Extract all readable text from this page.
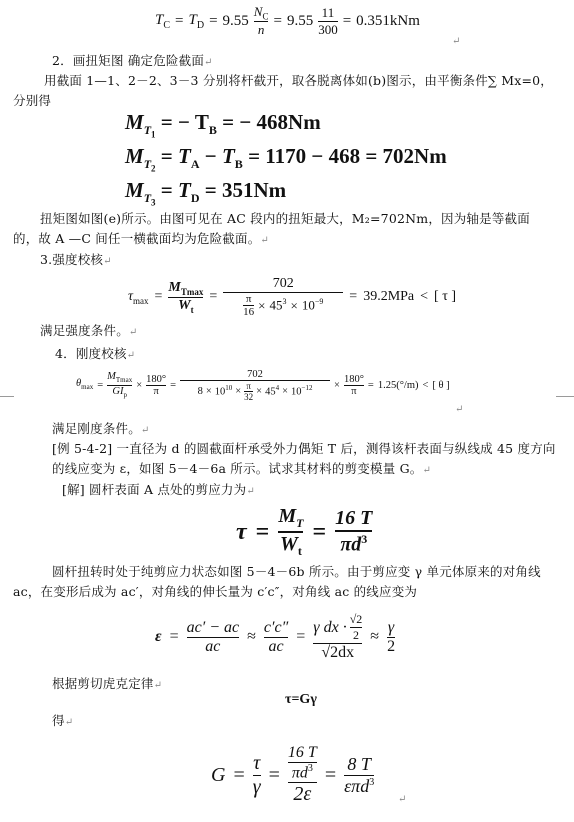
$T_C = T_D = 9.55 \frac{N_C}{n} = 9.55 \frac{11}{300} = 0.351kNm$
↵
2．画扭矩图 确定危险截面↵
用截面 1—1、2－2、3－3 分别将杆截开，取各脱离体如(b)图示，由平衡条件∑ Mx=0，
分别得
$M_{T_1}$ = − $T_B$ = − 468Nm
$M_{T_2} = T_A - T_B = 1170 - 468 = 702Nm$
$M_{T_3} = T_D = 351Nm$
扭矩图如图(e)所示。由图可见在 AC 段内的扭矩最大，M₂=702Nm，因为轴是等截面
的，故 A —C 间任一横截面均为危险截面。↵
3.强度校核↵
$\tau_{max} = \frac{M_{Tmax}}{W_t} = \frac{702}{\frac{\pi}{16} \times 45^3 \times 10^{-9}} = 39.2MPa$ < [ τ ]
满足强度条件。↵
4．刚度校核↵
$\theta_{max} = \frac{M_{Tmax}}{GI_p} \times \frac{180^\circ}{\pi}$ =
702
$8 \times 10^{10} \times \frac{\pi}{32} \times 45^4 \times 10^{-12} \times \frac{180^\circ}{\pi} = 1.25(^\circ/m)$ < [ θ ]
↵
满足刚度条件。↵
[例 5-4-2] 一直径为 d 的圆截面杆承受外力偶矩 T 后，测得该杆表面与纵线成 45 度方向
的线应变为 ε，如图 5－4－6a 所示。试求其材料的剪变模量 G。↵
[解] 圆杆表面 A 点处的剪应力为↵
$\tau = \frac{M_T}{W_t} = \frac{16 T}{\pi d^3}$
圆杆扭转时处于纯剪应力状态如图 5－4－6b 所示。由于剪应变 γ 单元体原来的对角线
ac，在变形后成为 ac′，对角线的伸长量为 c′c″，对角线 ac 的线应变为
$\varepsilon = \frac{ac' - ac}{ac} \approx \frac{c'c''}{ac} = \frac{\gamma dx \cdot \frac{√2}{2}}{√2dx} \approx \frac{\gamma}{2}$
根据剪切虎克定律↵
τ=Gγ
得↵
$G = \frac{\tau}{\gamma} = \frac{\frac{16 T}{\pi d^3}}{2\varepsilon} = \frac{8 T}{\varepsilon\pi d^3}$
↵
